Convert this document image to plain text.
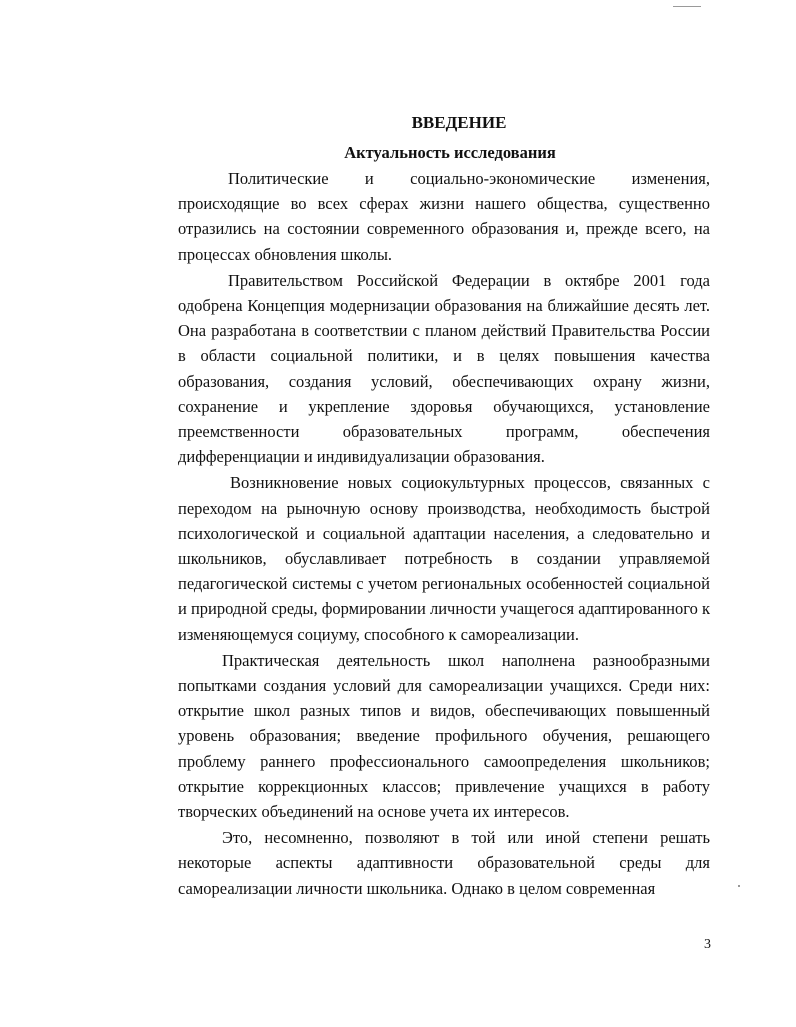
ВВЕДЕНИЕ
Актуальность исследования

Политические и социально-экономические изменения, происходящие во всех сферах жизни нашего общества, существенно отразились на состоянии современного образования и, прежде всего, на процессах обновления школы.

Правительством Российской Федерации в октябре 2001 года одобрена Концепция модернизации образования на ближайшие десять лет. Она разработана в соответствии с планом действий Правительства России в области социальной политики, и в целях повышения качества образования, создания условий, обеспечивающих охрану жизни, сохранение и укрепление здоровья обучающихся, установление преемственности образовательных программ, обеспечения дифференциации и индивидуализации образования.

Возникновение новых социокультурных процессов, связанных с переходом на рыночную основу производства, необходимость быстрой психологической и социальной адаптации населения, а следовательно и школьников, обуславливает потребность в создании управляемой педагогической системы с учетом региональных особенностей социальной и природной среды, формировании личности учащегося адаптированного к изменяющемуся социуму, способного к самореализации.

Практическая деятельность школ наполнена разнообразными попытками создания условий для самореализации учащихся. Среди них: открытие школ разных типов и видов, обеспечивающих повышенный уровень образования; введение профильного обучения, решающего проблему раннего профессионального самоопределения школьников; открытие коррекционных классов; привлечение учащихся в работу творческих объединений на основе учета их интересов.

Это, несомненно, позволяют в той или иной степени решать некоторые аспекты адаптивности образовательной среды для самореализации личности школьника. Однако в целом современная

3
